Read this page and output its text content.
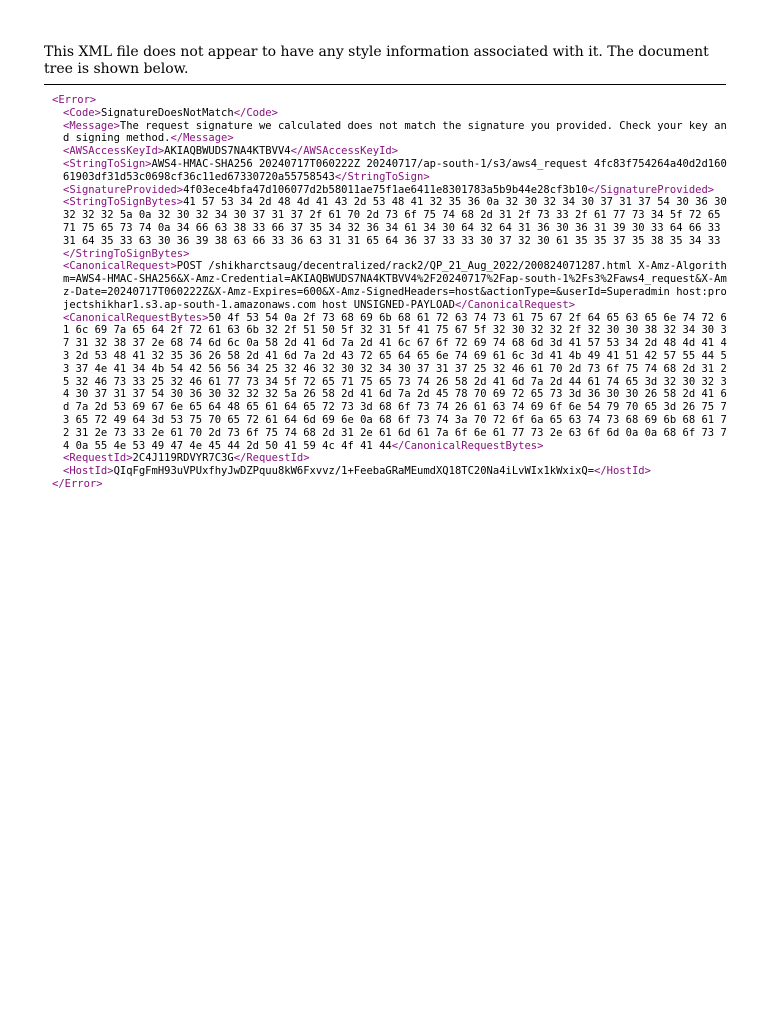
This XML file does not appear to have any style information associated with it. The document tree is shown below.
<Error>
<Code>SignatureDoesNotMatch</Code>
<Message>The request signature we calculated does not match the signature you provided. Check your key and signing method.</Message>
<AWSAccessKeyId>AKIAQBWUDS7NA4KTBVV4</AWSAccessKeyId>
<StringToSign>AWS4-HMAC-SHA256 20240717T060222Z 20240717/ap-south-1/s3/aws4_request 4fc83f754264a40d2d16061903df31d53c0698cf36c11ed67330720a55758543</StringToSign>
<SignatureProvided>4f03ece4bfa47d106077d2b58011ae75f1ae6411e8301783a5b9b44e28cf3b10</SignatureProvided>
<StringToSignBytes>41 57 53 34 2d 48 4d 41 43 2d 53 48 41 32 35 36 0a 32 30 32 34 30 37 31 37 54 30 36 30 32 32 32 5a 0a 32 30 32 34 30 37 31 37 2f 61 70 2d 73 6f 75 74 68 2d 31 2f 73 33 2f 61 77 73 34 5f 72 65 71 75 65 73 74 0a 34 66 63 38 33 66 37 35 34 32 36 34 61 34 30 64 32 64 31 36 30 36 31 39 30 33 64 66 33 31 64 35 33 63 30 36 39 38 63 66 33 36 63 31 31 65 64 36 37 33 33 30 37 32 30 61 35 35 37 35 38 35 34 33</StringToSignBytes>
<CanonicalRequest>POST /shikharctsaug/decentralized/rack2/QP_21_Aug_2022/200824071287.html X-Amz-Algorithm=AWS4-HMAC-SHA256&X-Amz-Credential=AKIAQBWUDS7NA4KTBVV4%2F20240717%2Fap-south-1%2Fs3%2Faws4_request&X-Amz-Date=20240717T060222Z&X-Amz-Expires=600&X-Amz-SignedHeaders=host&actionType=&userId=Superadmin host:projectshikhar1.s3.ap-south-1.amazonaws.com host UNSIGNED-PAYLOAD</CanonicalRequest>
<CanonicalRequestBytes>50 4f 53 54 0a 2f 73 68 69 6b 68 61 72 63 74 73 61 75 67 2f 64 65 63 65 6e 74 72 61 6c 69 7a 65 64 2f 72 61 63 6b 32 2f 51 50 5f 32 31 5f 41 75 67 5f 32 30 32 32 2f 32 30 30 38 32 34 30 37 31 32 38 37 2e 68 74 6d 6c 0a 58 2d 41 6d 7a 2d 41 6c 67 6f 72 69 74 68 6d 3d 41 57 53 34 2d 48 4d 41 43 2d 53 48 41 32 35 36 26 58 2d 41 6d 7a 2d 43 72 65 64 65 6e 74 69 61 6c 3d 41 4b 49 41 51 42 57 55 44 53 37 4e 41 34 4b 54 42 56 56 34 25 32 46 32 30 32 34 30 37 31 37 25 32 46 61 70 2d 73 6f 75 74 68 2d 31 25 32 46 73 33 25 32 46 61 77 73 34 5f 72 65 71 75 65 73 74 26 58 2d 41 6d 7a 2d 44 61 74 65 3d 32 30 32 34 30 37 31 37 54 30 36 30 32 32 32 5a 26 58 2d 41 6d 7a 2d 45 78 70 69 72 65 73 3d 36 30 30 26 58 2d 41 6d 7a 2d 53 69 67 6e 65 64 48 65 61 64 65 72 73 3d 68 6f 73 74 26 61 63 74 69 6f 6e 54 79 70 65 3d 26 75 73 65 72 49 64 3d 53 75 70 65 72 61 64 6d 69 6e 0a 68 6f 73 74 3a 70 72 6f 6a 65 63 74 73 68 69 6b 68 61 72 31 2e 73 33 2e 61 70 2d 73 6f 75 74 68 2d 31 2e 61 6d 61 7a 6f 6e 61 77 73 2e 63 6f 6d 0a 0a 68 6f 73 74 0a 55 4e 53 49 47 4e 45 44 2d 50 41 59 4c 4f 41 44</CanonicalRequestBytes>
<RequestId>2C4J119RDVYR7C3G</RequestId>
<HostId>QIqFgFmH93uVPUxfhyJwDZPquu8kW6Fxvvz/1+FeebaGRaMEumdXQ18TC20Na4iLvWIx1kWxixQ=</HostId>
</Error>
